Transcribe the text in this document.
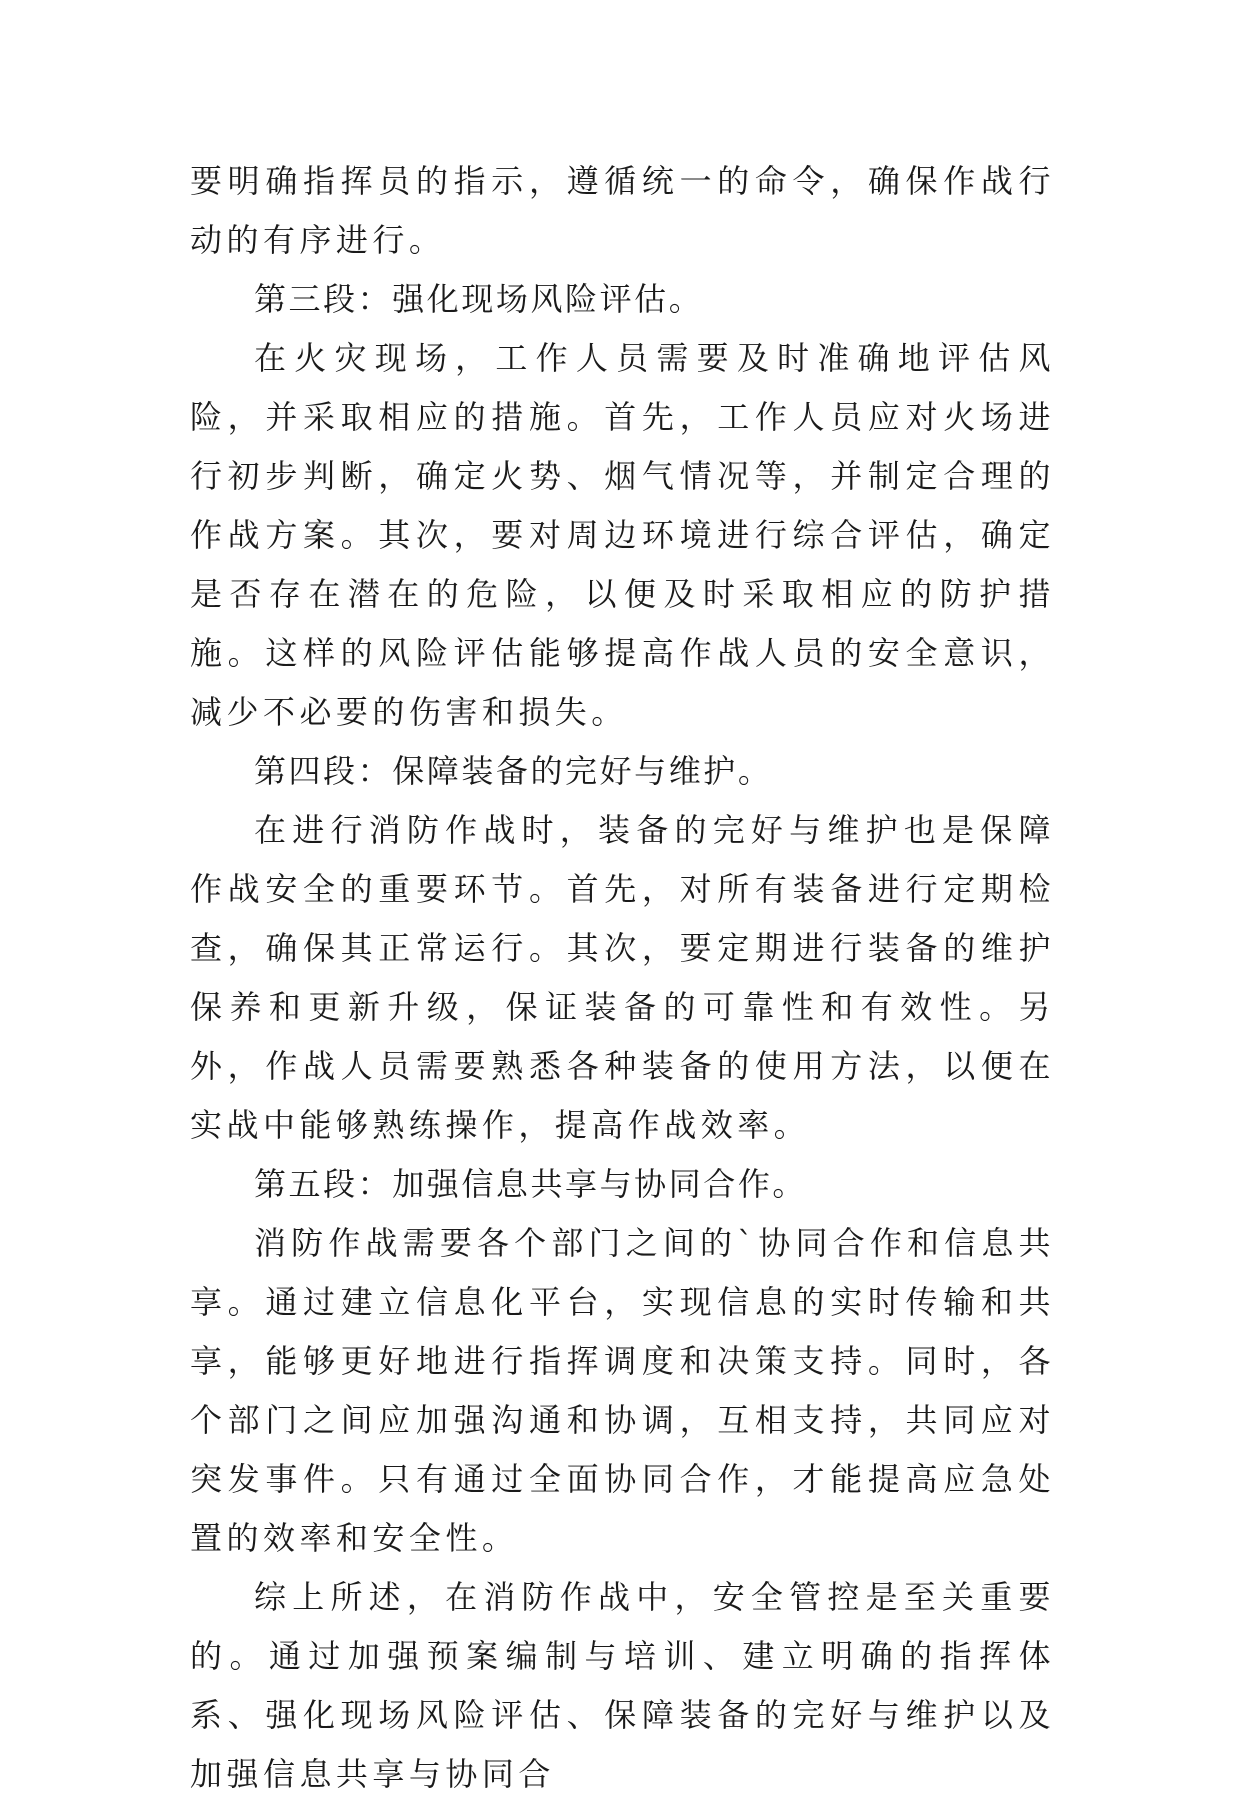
要明确指挥员的指示，遵循统一的命令，确保作战行动的有序进行。

第三段：强化现场风险评估。

在火灾现场，工作人员需要及时准确地评估风险，并采取相应的措施。首先，工作人员应对火场进行初步判断，确定火势、烟气情况等，并制定合理的作战方案。其次，要对周边环境进行综合评估，确定是否存在潜在的危险，以便及时采取相应的防护措施。这样的风险评估能够提高作战人员的安全意识，减少不必要的伤害和损失。

第四段：保障装备的完好与维护。

在进行消防作战时，装备的完好与维护也是保障作战安全的重要环节。首先，对所有装备进行定期检查，确保其正常运行。其次，要定期进行装备的维护保养和更新升级，保证装备的可靠性和有效性。另外，作战人员需要熟悉各种装备的使用方法，以便在实战中能够熟练操作，提高作战效率。

第五段：加强信息共享与协同合作。

消防作战需要各个部门之间的`协同合作和信息共享。通过建立信息化平台，实现信息的实时传输和共享，能够更好地进行指挥调度和决策支持。同时，各个部门之间应加强沟通和协调，互相支持，共同应对突发事件。只有通过全面协同合作，才能提高应急处置的效率和安全性。

综上所述，在消防作战中，安全管控是至关重要的。通过加强预案编制与培训、建立明确的指挥体系、强化现场风险评估、保障装备的完好与维护以及加强信息共享与协同合
